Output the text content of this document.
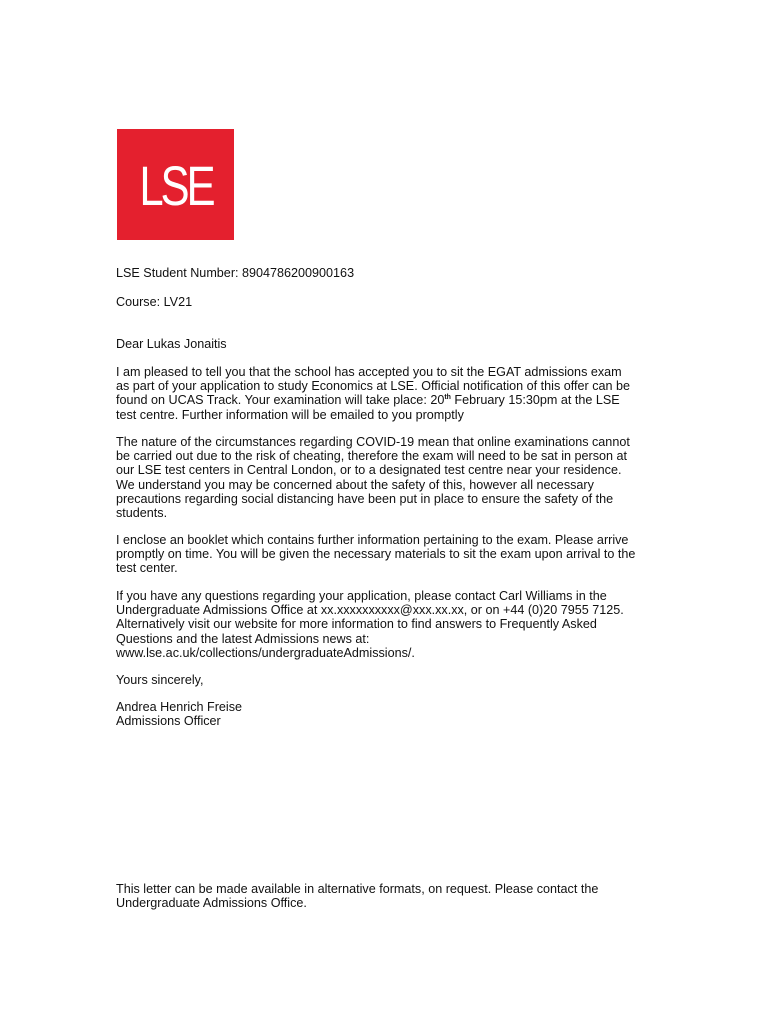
LSE
LSE Student Number: 8904786200900163
Course: LV21
Dear Lukas Jonaitis
I am pleased to tell you that the school has accepted you to sit the EGAT admissions exam
as part of your application to study Economics at LSE. Official notification of this offer can be
found on UCAS Track. Your examination will take place: 20th February 15:30pm at the LSE
test centre. Further information will be emailed to you promptly
The nature of the circumstances regarding COVID-19 mean that online examinations cannot
be carried out due to the risk of cheating, therefore the exam will need to be sat in person at
our LSE test centers in Central London, or to a designated test centre near your residence.
We understand you may be concerned about the safety of this, however all necessary
precautions regarding social distancing have been put in place to ensure the safety of the
students.
I enclose an booklet which contains further information pertaining to the exam. Please arrive
promptly on time. You will be given the necessary materials to sit the exam upon arrival to the
test center.
If you have any questions regarding your application, please contact Carl Williams in the
Undergraduate Admissions Office at xx.xxxxxxxxxx@xxx.xx.xx, or on +44 (0)20 7955 7125.
Alternatively visit our website for more information to find answers to Frequently Asked
Questions and the latest Admissions news at:
www.lse.ac.uk/collections/undergraduateAdmissions/.
Yours sincerely,
Andrea Henrich Freise
Admissions Officer
This letter can be made available in alternative formats, on request. Please contact the
Undergraduate Admissions Office.
